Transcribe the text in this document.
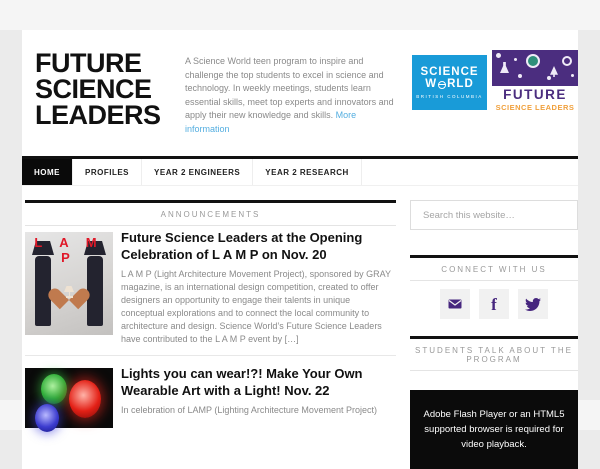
FUTURE
SCIENCE
LEADERS
A Science World teen program to inspire and challenge the top students to excel in science and technology. In weekly meetings, students learn essential skills, meet top experts and innovators and apply their new knowledge and skills. More information
SCIENCE
W RLD
BRITISH COLUMBIA	FUTURE
SCIENCE LEADERS
HOME	PROFILES	YEAR 2 ENGINEERS	YEAR 2 RESEARCH
ANNOUNCEMENTS
L A M P
Future Science Leaders at the Opening Celebration of L A M P on Nov. 20
L A M P (Light Architecture Movement Project), sponsored by GRAY magazine, is an international design competition, created to offer designers an opportunity to engage their talents in unique conceptual explorations and to connect the local community to architecture and design. Science World’s Future Science Leaders have contributed to the L A M P event by […]
Lights you can wear!?! Make Your Own Wearable Art with a Light! Nov. 22
In celebration of LAMP (Lighting Architecture Movement Project)
Search this website…
CONNECT WITH US
f
STUDENTS TALK ABOUT THE PROGRAM
Adobe Flash Player or an HTML5 supported browser is required for video playback.
